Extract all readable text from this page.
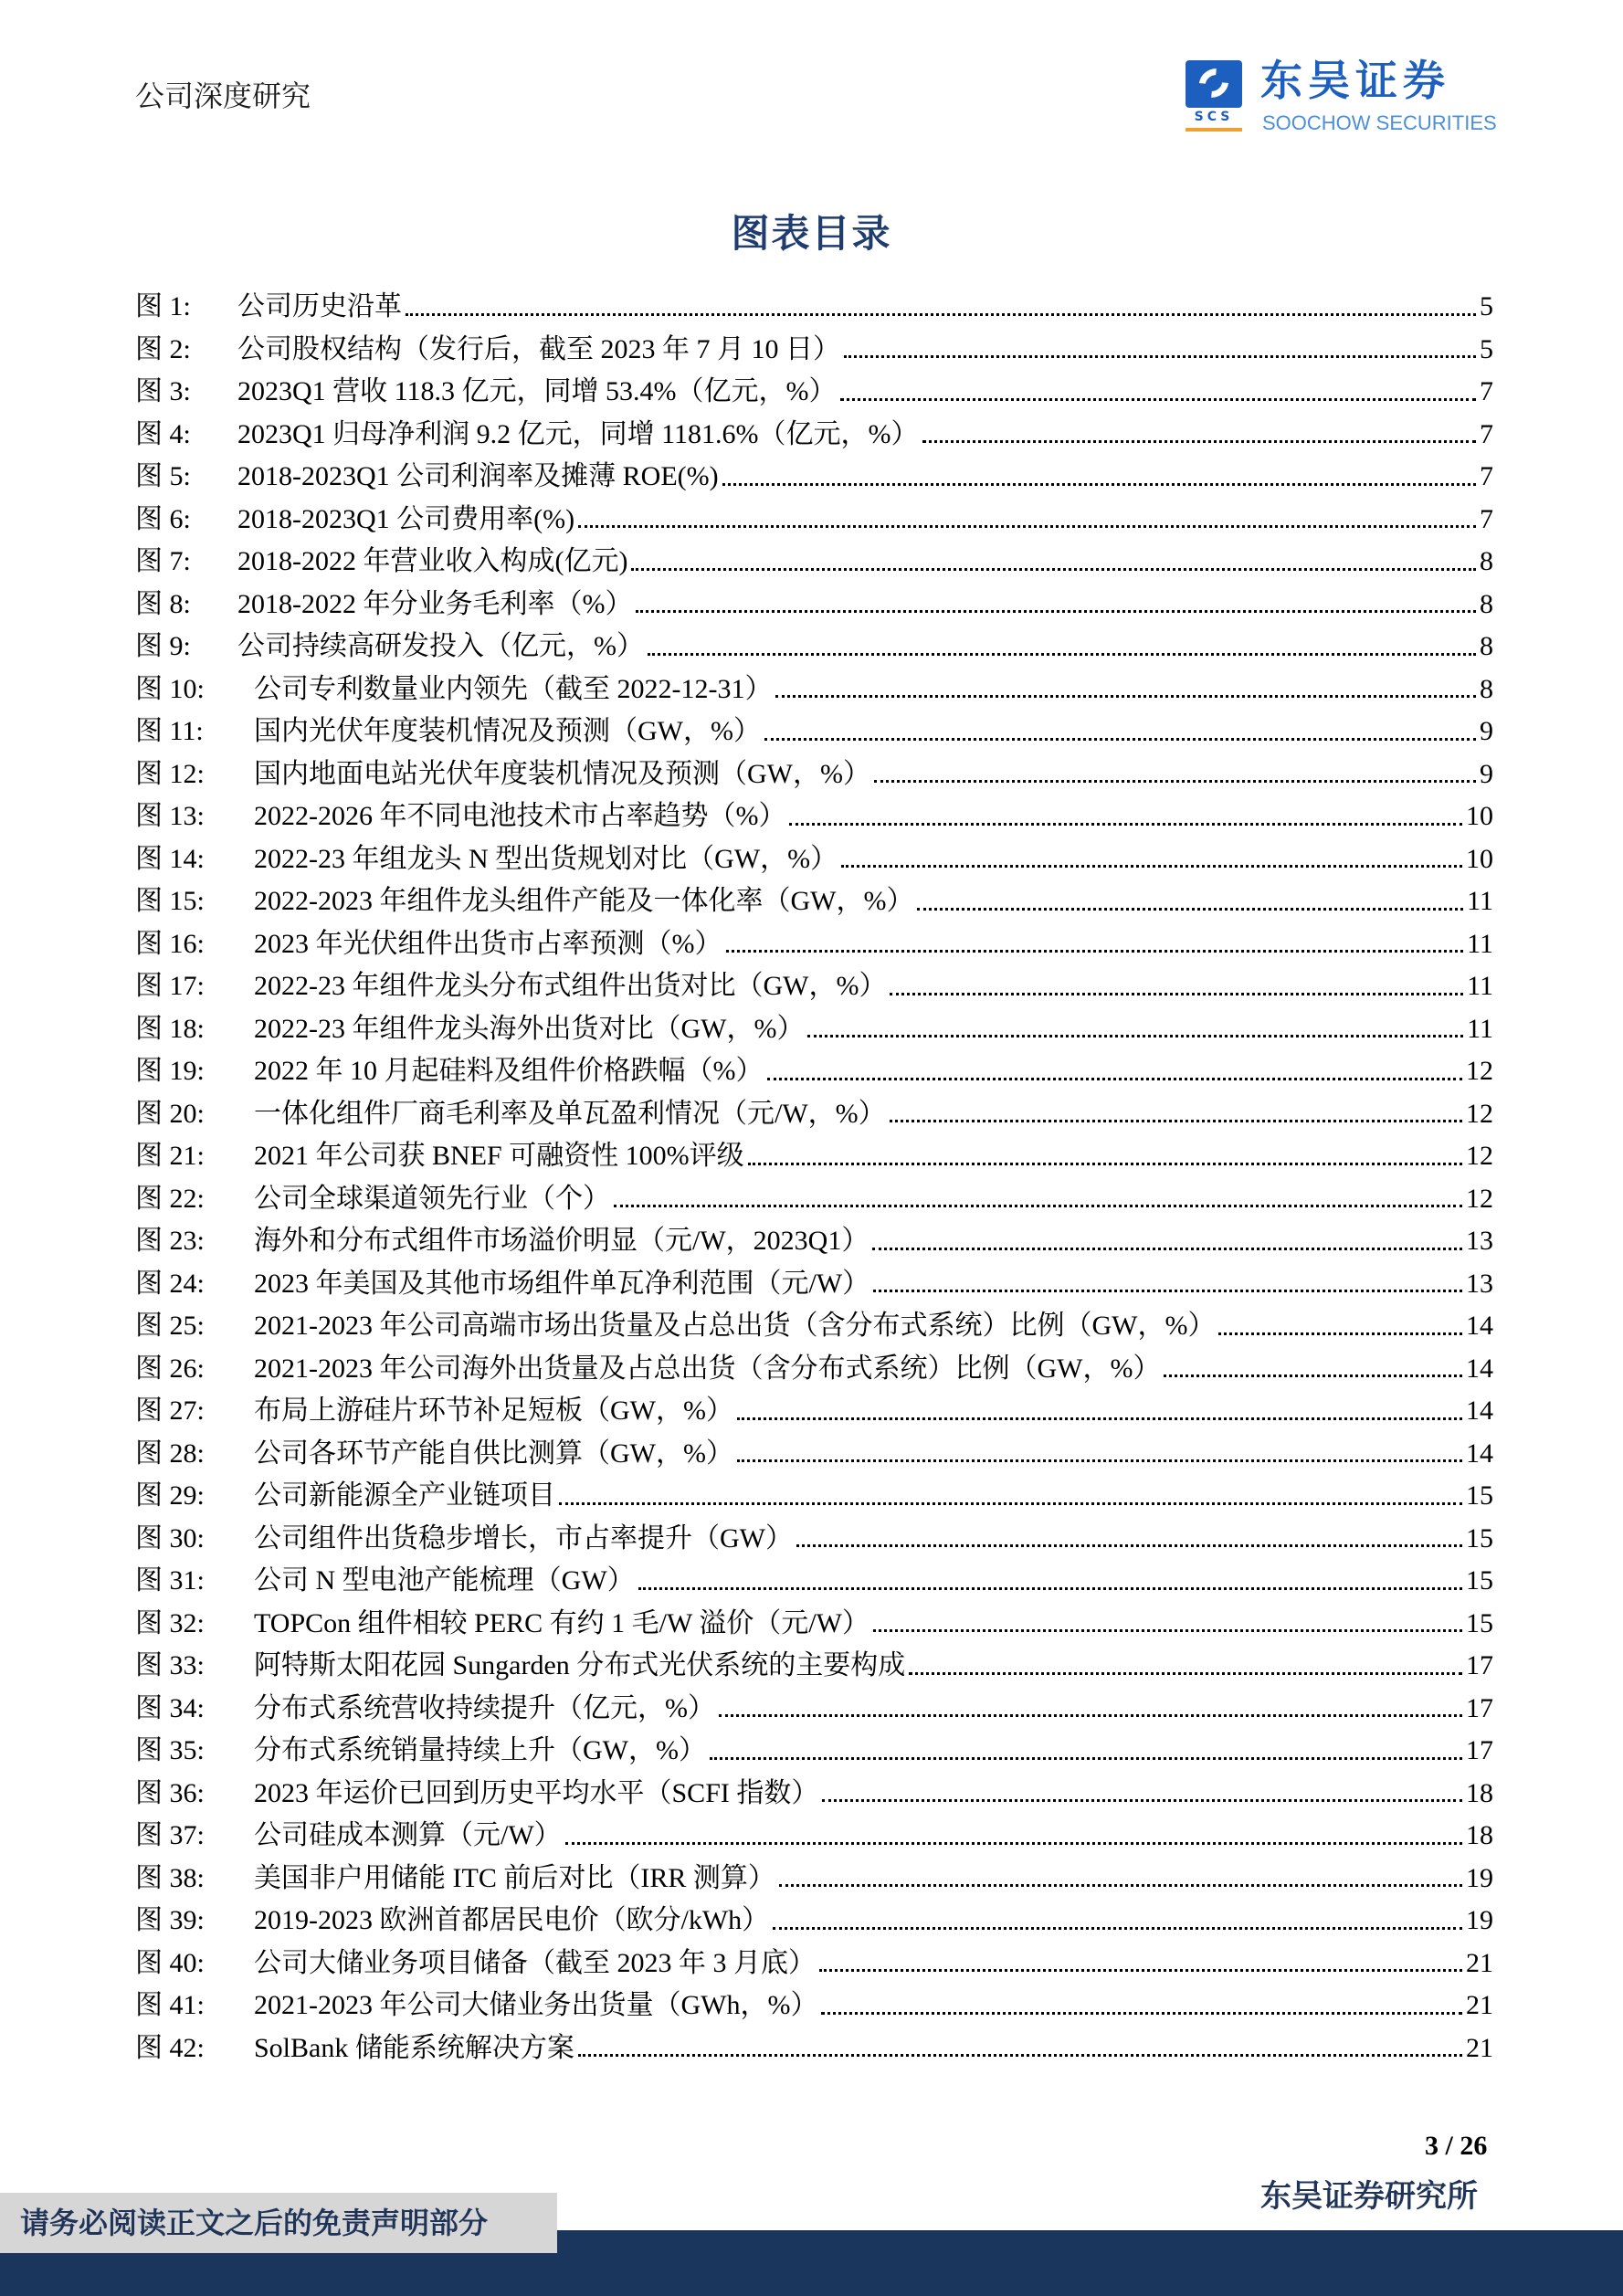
公司深度研究
SCS
东吴证券
SOOCHOW SECURITIES
图表目录
图 1:	公司历史沿革	5
图 2:	公司股权结构（发行后，截至 2023 年 7 月 10 日）	5
图 3:	2023Q1 营收 118.3 亿元，同增 53.4%（亿元，%）	7
图 4:	2023Q1 归母净利润 9.2 亿元，同增 1181.6%（亿元，%）	7
图 5:	2018-2023Q1 公司利润率及摊薄 ROE(%)	7
图 6:	2018-2023Q1 公司费用率(%)	7
图 7:	2018-2022 年营业收入构成(亿元)	8
图 8:	2018-2022 年分业务毛利率（%）	8
图 9:	公司持续高研发投入（亿元，%）	8
图 10:	公司专利数量业内领先（截至 2022-12-31）	8
图 11:	国内光伏年度装机情况及预测（GW，%）	9
图 12:	国内地面电站光伏年度装机情况及预测（GW，%）	9
图 13:	2022-2026 年不同电池技术市占率趋势（%）	10
图 14:	2022-23 年组龙头 N 型出货规划对比（GW，%）	10
图 15:	2022-2023 年组件龙头组件产能及一体化率（GW，%）	11
图 16:	2023 年光伏组件出货市占率预测（%）	11
图 17:	2022-23 年组件龙头分布式组件出货对比（GW，%）	11
图 18:	2022-23 年组件龙头海外出货对比（GW，%）	11
图 19:	2022 年 10 月起硅料及组件价格跌幅（%）	12
图 20:	一体化组件厂商毛利率及单瓦盈利情况（元/W，%）	12
图 21:	2021 年公司获 BNEF 可融资性 100%评级	12
图 22:	公司全球渠道领先行业（个）	12
图 23:	海外和分布式组件市场溢价明显（元/W，2023Q1）	13
图 24:	2023 年美国及其他市场组件单瓦净利范围（元/W）	13
图 25:	2021-2023 年公司高端市场出货量及占总出货（含分布式系统）比例（GW，%）	14
图 26:	2021-2023 年公司海外出货量及占总出货（含分布式系统）比例（GW，%）	14
图 27:	布局上游硅片环节补足短板（GW，%）	14
图 28:	公司各环节产能自供比测算（GW，%）	14
图 29:	公司新能源全产业链项目	15
图 30:	公司组件出货稳步增长，市占率提升（GW）	15
图 31:	公司 N 型电池产能梳理（GW）	15
图 32:	TOPCon 组件相较 PERC 有约 1 毛/W 溢价（元/W）	15
图 33:	阿特斯太阳花园 Sungarden 分布式光伏系统的主要构成	17
图 34:	分布式系统营收持续提升（亿元，%）	17
图 35:	分布式系统销量持续上升（GW，%）	17
图 36:	2023 年运价已回到历史平均水平（SCFI 指数）	18
图 37:	公司硅成本测算（元/W）	18
图 38:	美国非户用储能 ITC 前后对比（IRR 测算）	19
图 39:	2019-2023 欧洲首都居民电价（欧分/kWh）	19
图 40:	公司大储业务项目储备（截至 2023 年 3 月底）	21
图 41:	2021-2023 年公司大储业务出货量（GWh，%）	21
图 42:	SolBank 储能系统解决方案	21
3 / 26
东吴证券研究所
请务必阅读正文之后的免责声明部分
